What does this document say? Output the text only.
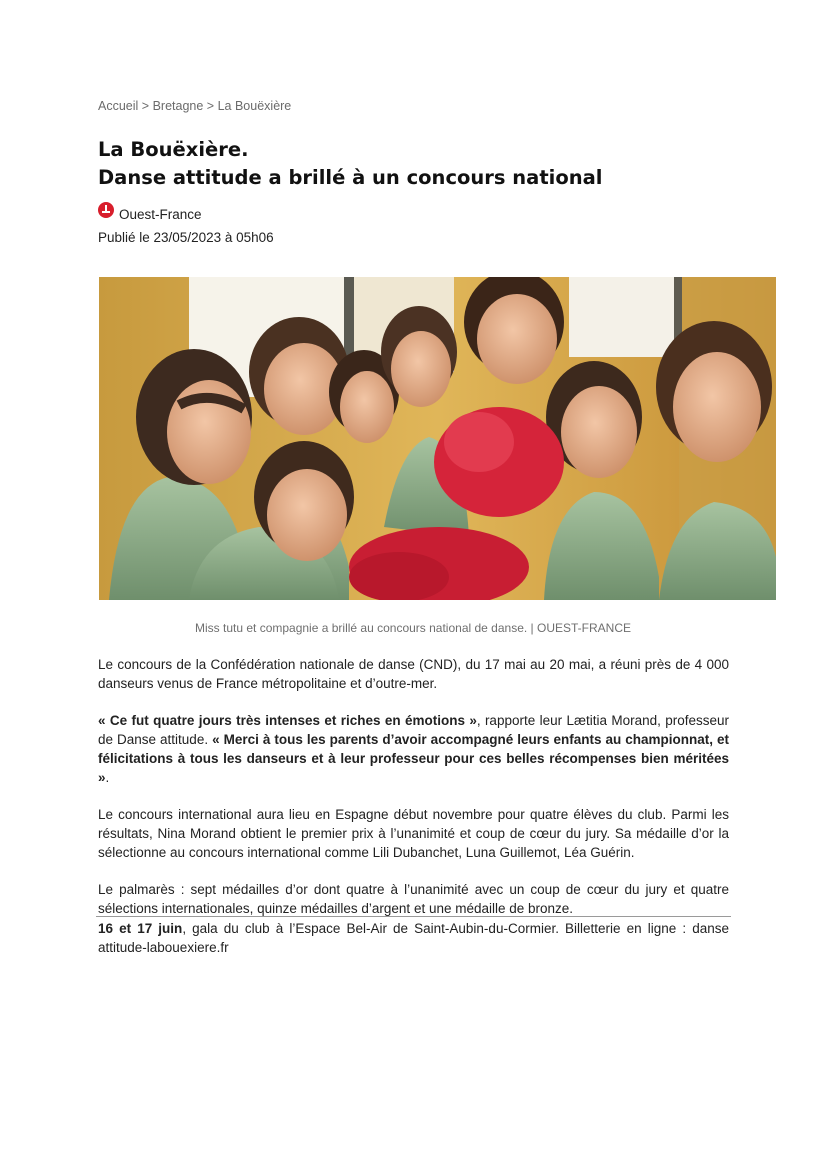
Accueil > Bretagne > La Bouëxière
La Bouëxière.
Danse attitude a brillé à un concours national
Ouest-France
Publié le 23/05/2023 à 05h06
Miss tutu et compagnie a brillé au concours national de danse. | OUEST-FRANCE

Le concours de la Confédération nationale de danse (CND), du 17 mai au 20 mai, a réuni près de 4 000 danseurs venus de France métropolitaine et d’outre-mer.

« Ce fut quatre jours très intenses et riches en émotions », rapporte leur Lætitia Morand, professeur de Danse attitude. « Merci à tous les parents d’avoir accompagné leurs enfants au championnat, et félicitations à tous les danseurs et à leur professeur pour ces belles récompenses bien méritées ».

Le concours international aura lieu en Espagne début novembre pour quatre élèves du club. Parmi les résultats, Nina Morand obtient le premier prix à l’unanimité et coup de cœur du jury. Sa médaille d’or la sélectionne au concours international comme Lili Dubanchet, Luna Guillemot, Léa Guérin.

Le palmarès : sept médailles d’or dont quatre à l’unanimité avec un coup de cœur du jury et quatre sélections internationales, quinze médailles d’argent et une médaille de bronze.

16 et 17 juin, gala du club à l’Espace Bel-Air de Saint-Aubin-du-Cormier. Billetterie en ligne : danse attitude-labouexiere.fr
